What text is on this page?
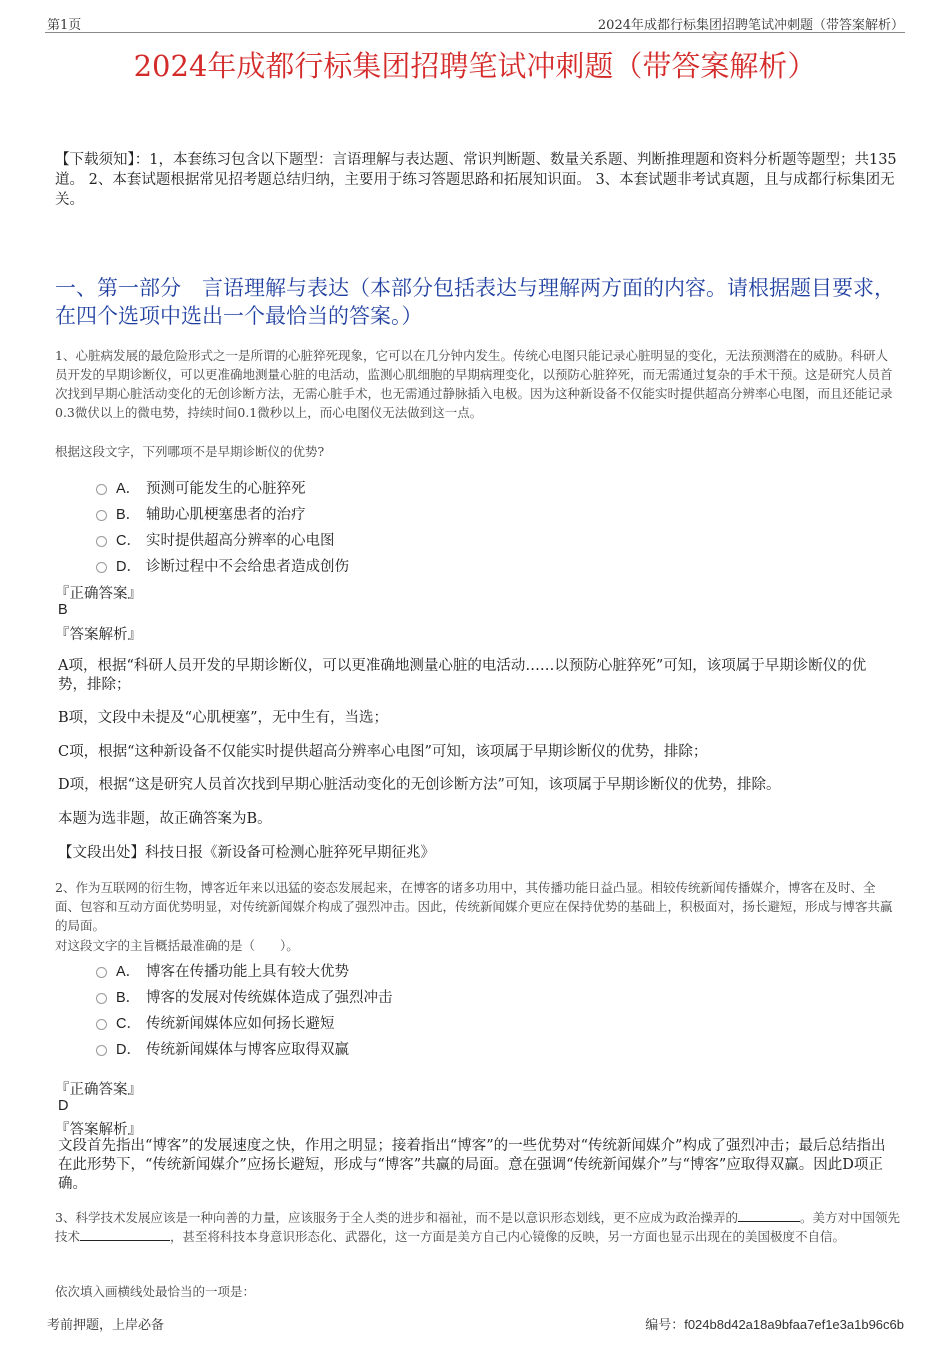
第1页	2024年成都行标集团招聘笔试冲刺题（带答案解析）
2024年成都行标集团招聘笔试冲刺题（带答案解析）
【下载须知】：1，本套练习包含以下题型：言语理解与表达题、常识判断题、数量关系题、判断推理题和资料分析题等题型；共135道。 2、本套试题根据常见招考题总结归纳，主要用于练习答题思路和拓展知识面。 3、本套试题非考试真题，且与成都行标集团无关。
一、第一部分　言语理解与表达（本部分包括表达与理解两方面的内容。请根据题目要求，在四个选项中选出一个最恰当的答案。）
1、心脏病发展的最危险形式之一是所谓的心脏猝死现象，它可以在几分钟内发生。传统心电图只能记录心脏明显的变化，无法预测潜在的威胁。科研人员开发的早期诊断仪，可以更准确地测量心脏的电活动，监测心肌细胞的早期病理变化，以预防心脏猝死，而无需通过复杂的手术干预。这是研究人员首次找到早期心脏活动变化的无创诊断方法，无需心脏手术，也无需通过静脉插入电极。因为这种新设备不仅能实时提供超高分辨率心电图，而且还能记录0.3微伏以上的微电势，持续时间0.1微秒以上，而心电图仪无法做到这一点。
根据这段文字，下列哪项不是早期诊断仪的优势?
A． 预测可能发生的心脏猝死
B． 辅助心肌梗塞患者的治疗
C． 实时提供超高分辨率的心电图
D． 诊断过程中不会给患者造成创伤
『正确答案』
B
『答案解析』
A项，根据“科研人员开发的早期诊断仪，可以更准确地测量心脏的电活动……以预防心脏猝死”可知，该项属于早期诊断仪的优势，排除；
B项，文段中未提及“心肌梗塞”，无中生有，当选；
C项，根据“这种新设备不仅能实时提供超高分辨率心电图”可知，该项属于早期诊断仪的优势，排除；
D项，根据“这是研究人员首次找到早期心脏活动变化的无创诊断方法”可知，该项属于早期诊断仪的优势，排除。
本题为选非题，故正确答案为B。
【文段出处】科技日报《新设备可检测心脏猝死早期征兆》
2、作为互联网的衍生物，博客近年来以迅猛的姿态发展起来，在博客的诸多功用中，其传播功能日益凸显。相较传统新闻传播媒介，博客在及时、全面、包容和互动方面优势明显，对传统新闻媒介构成了强烈冲击。因此，传统新闻媒介更应在保持优势的基础上，积极面对，扬长避短，形成与博客共赢的局面。
对这段文字的主旨概括最准确的是（　　）。
A． 博客在传播功能上具有较大优势
B． 博客的发展对传统媒体造成了强烈冲击
C． 传统新闻媒体应如何扬长避短
D． 传统新闻媒体与博客应取得双赢
『正确答案』
D
『答案解析』
文段首先指出“博客”的发展速度之快，作用之明显；接着指出“博客”的一些优势对“传统新闻媒介”构成了强烈冲击；最后总结指出在此形势下，“传统新闻媒介”应扬长避短，形成与“博客”共赢的局面。意在强调“传统新闻媒介”与“博客”应取得双赢。因此D项正确。
3、科学技术发展应该是一种向善的力量，应该服务于全人类的进步和福祉，而不是以意识形态划线，更不应成为政治操弄的	。美方对中国领先技术	，甚至将科技本身意识形态化、武器化，这一方面是美方自己内心镜像的反映，另一方面也显示出现在的美国极度不自信。
依次填入画横线处最恰当的一项是：
考前押题，上岸必备	编号：f024b8d42a18a9bfaa7ef1e3a1b96c6b
